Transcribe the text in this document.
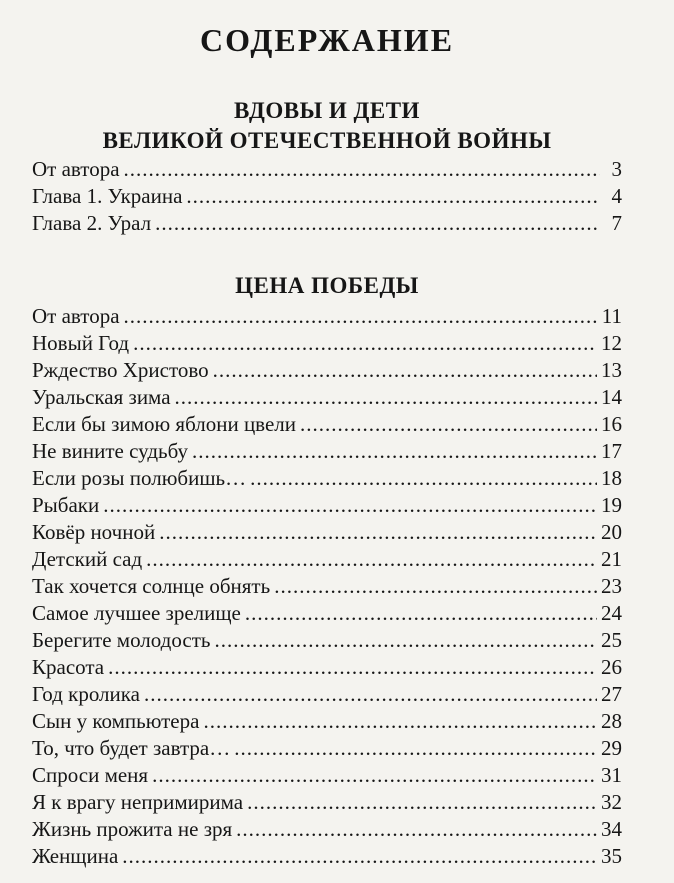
СОДЕРЖАНИЕ
ВДОВЫ И ДЕТИ
ВЕЛИКОЙ ОТЕЧЕСТВЕННОЙ ВОЙНЫ
От автора .....	3
Глава 1. Украина .....	4
Глава 2. Урал .....	7
ЦЕНА ПОБЕДЫ
От автора .....	11
Новый Год .....	12
Рждество Христово .....	13
Уральская зима .....	14
Если бы зимою яблони цвели .....	16
Не вините судьбу .....	17
Если розы полюбишь… .....	18
Рыбаки .....	19
Ковёр ночной .....	20
Детский сад .....	21
Так хочется солнце обнять .....	23
Самое лучшее зрелище .....	24
Берегите молодость .....	25
Красота .....	26
Год кролика .....	27
Сын у компьютера .....	28
То, что будет завтра… .....	29
Спроси меня .....	31
Я к врагу непримирима .....	32
Жизнь прожита не зря .....	34
Женщина .....	35
